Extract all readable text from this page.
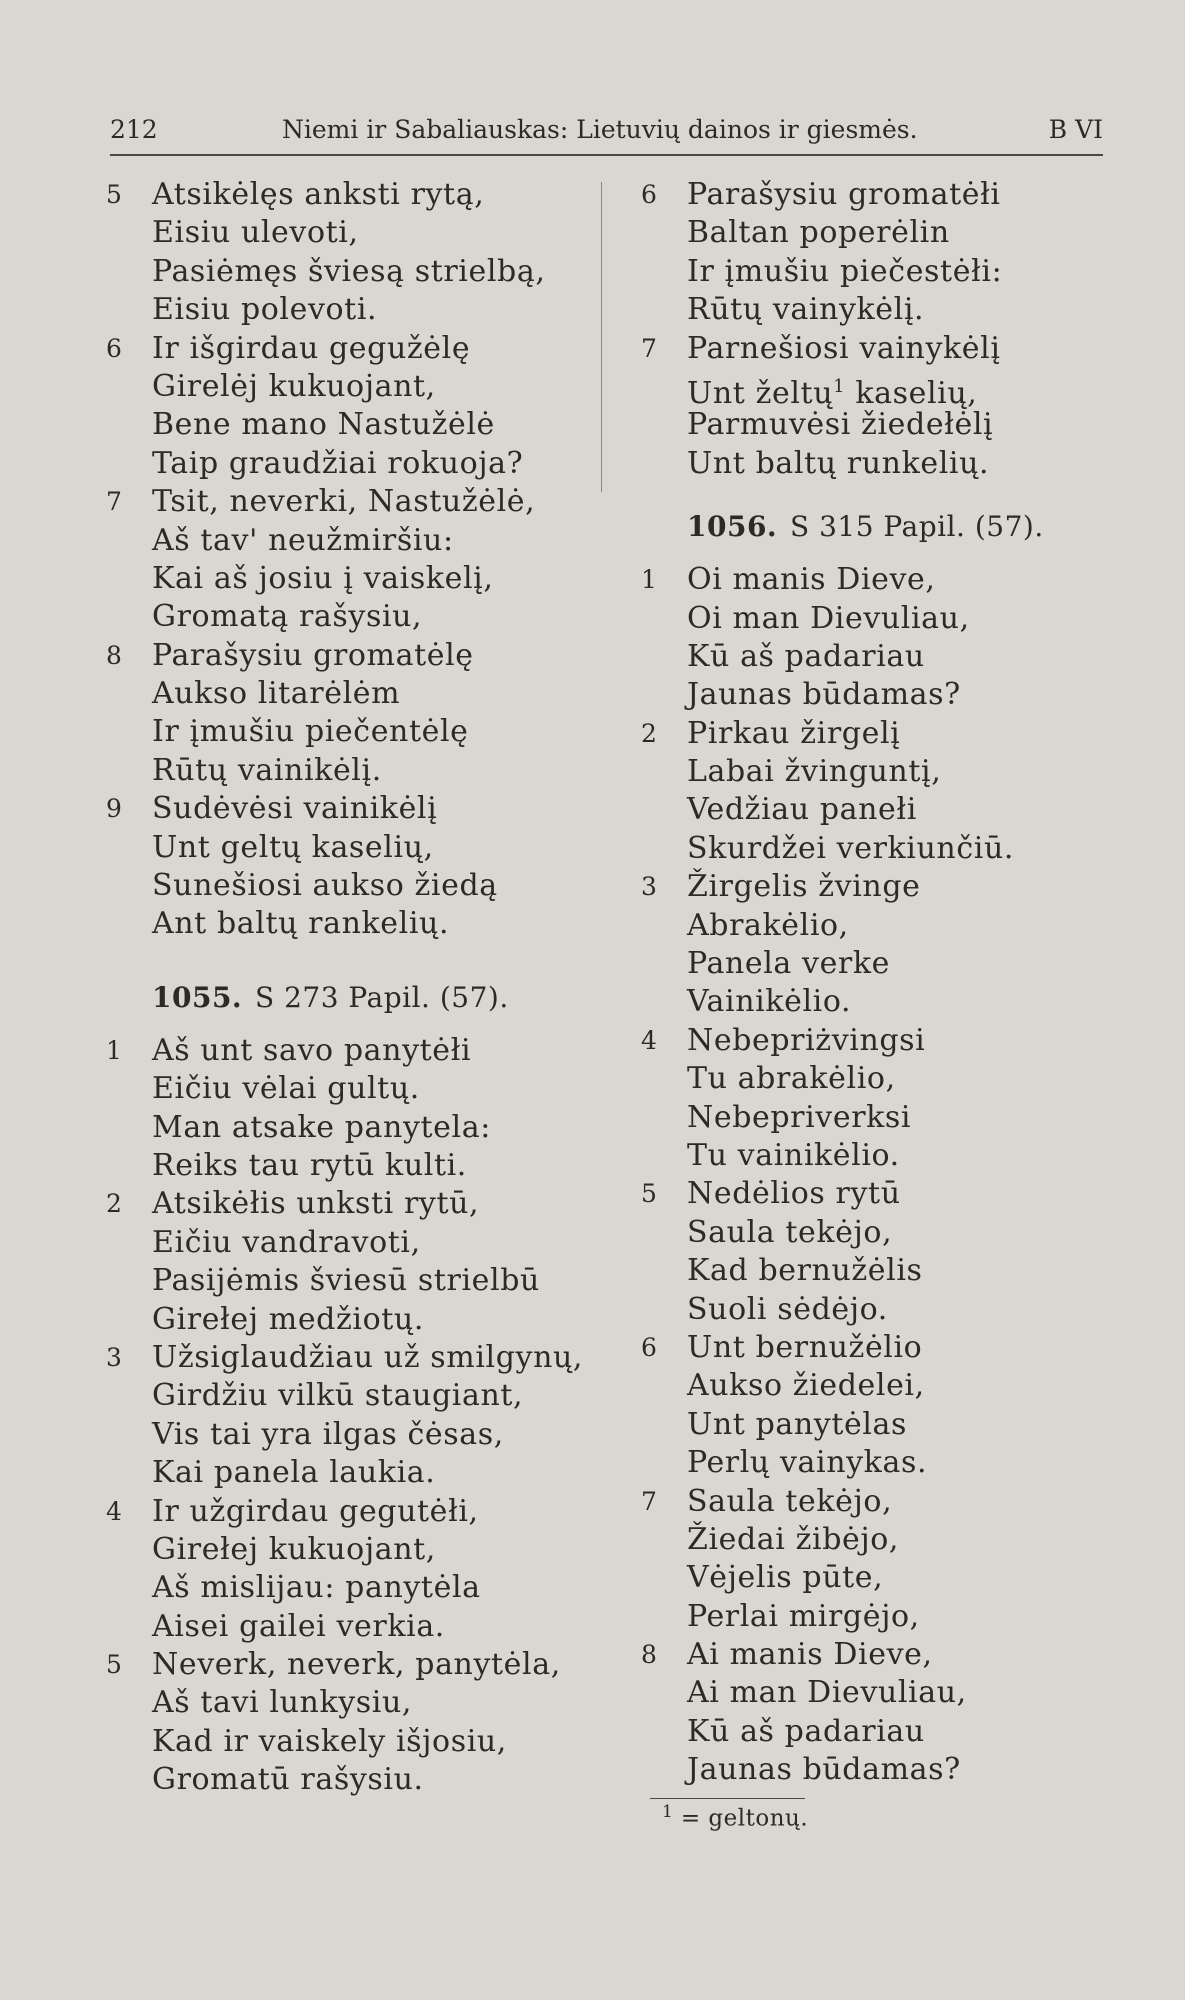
212	Niemi ir Sabaliauskas: Lietuvių dainos ir giesmės.	B VI
5 Atsikėlęs anksti rytą,
Eisiu ulevoti,
Pasiėmęs šviesą strielbą,
Eisiu polevoti.
6 Ir išgirdau gegužėlę
Girelėj kukuojant,
Bene mano Nastužėlė
Taip graudžiai rokuoja?
7 Tsit, neverki, Nastužėlė,
Aš tav' neužmiršiu:
Kai aš josiu į vaiskelį,
Gromatą rašysiu,
8 Parašysiu gromatėlę
Aukso litarėlėm
Ir įmušiu piečentėlę
Rūtų vainikėlį.
9 Sudėvėsi vainikėlį
Unt geltų kaselių,
Sunešiosi aukso žiedą
Ant baltų rankelių.
1055. S 273 Papil. (57).
1 Aš unt savo panytėłi
Eičiu vėlai gultų.
Man atsake panytela:
Reiks tau rytū kulti.
2 Atsikėłis unksti rytū,
Eičiu vandravoti,
Pasijėmis šviesū strielbū
Girełej medžiotų.
3 Užsiglaudžiau už smilgynų,
Girdžiu vilkū staugiant,
Vis tai yra ilgas čėsas,
Kai panela laukia.
4 Ir užgirdau gegutėłi,
Girełej kukuojant,
Aš mislijau: panytėla
Aisei gailei verkia.
5 Neverk, neverk, panytėla,
Aš tavi lunkysiu,
Kad ir vaiskely išjosiu,
Gromatū rašysiu.
6 Parašysiu gromatėłi
Baltan poperėlin
Ir įmušiu piečestėłi:
Rūtų vainykėlį.
7 Parnešiosi vainykėlį
Unt želtų$^1$ kaselių,
Parmuvėsi žiedełėlį
Unt baltų runkelių.
1056. S 315 Papil. (57).
1 Oi manis Dieve,
Oi man Dievuliau,
Kū aš padariau
Jaunas būdamas?
2 Pirkau žirgelį
Labai žvinguntį,
Vedžiau panełi
Skurdžei verkiunčiū.
3 Žirgelis žvinge
Abrakėlio,
Panela verke
Vainikėlio.
4 Nebepriżvingsi
Tu abrakėlio,
Nebepriverksi
Tu vainikėlio.
5 Nedėlios rytū
Saula tekėjo,
Kad bernužėlis
Suoli sėdėjo.
6 Unt bernužėlio
Aukso žiedelei,
Unt panytėlas
Perlų vainykas.
7 Saula tekėjo,
Žiedai žibėjo,
Vėjelis pūte,
Perlai mirgėjo,
8 Ai manis Dieve,
Ai man Dievuliau,
Kū aš padariau
Jaunas būdamas?
$^1$ = geltonų.
